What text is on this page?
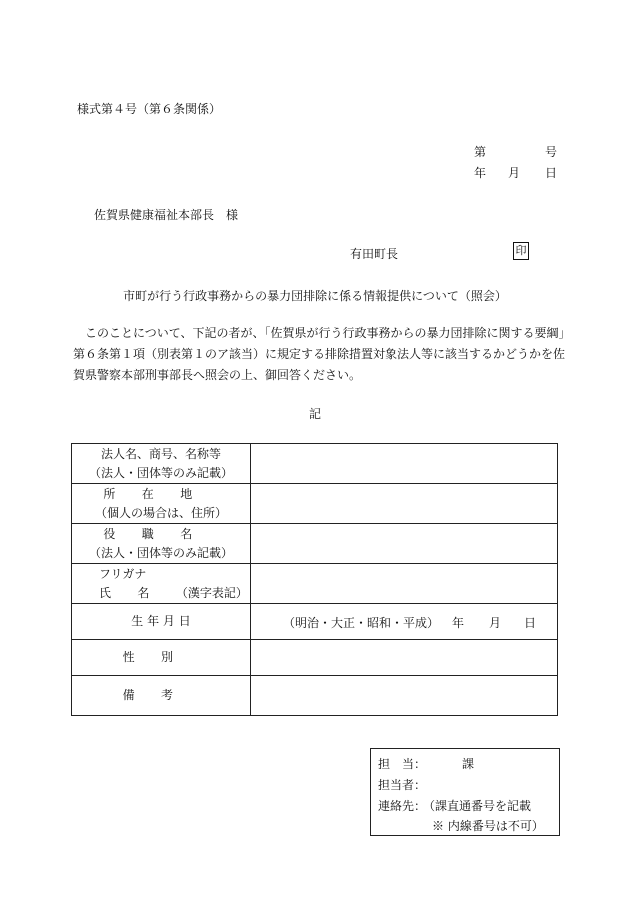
様式第４号（第６条関係）
第	号
年 月 日
佐賀県健康福祉本部長　様
有田町長	印
市町が行う行政事務からの暴力団排除に係る情報提供について（照会）
このことについて、下記の者が、「佐賀県が行う行政事務からの暴力団排除に関する要綱」第６条第１項（別表第１のア該当）に規定する排除措置対象法人等に該当するかどうかを佐賀県警察本部刑事部長へ照会の上、御回答ください。
記
法人名、商号、名称等
（法人・団体等のみ記載）	

所在地
（個人の場合は、住所）	

役職名
（法人・団体等のみ記載）	

フリガナ
氏名（漢字表記）	

生 年 月 日	（明治・大正・昭和・平成） 年 月 日

性別	
備考	
担　当：	課
担当者：
連絡先：
（課直通番号を記載
※ 内線番号は不可）
